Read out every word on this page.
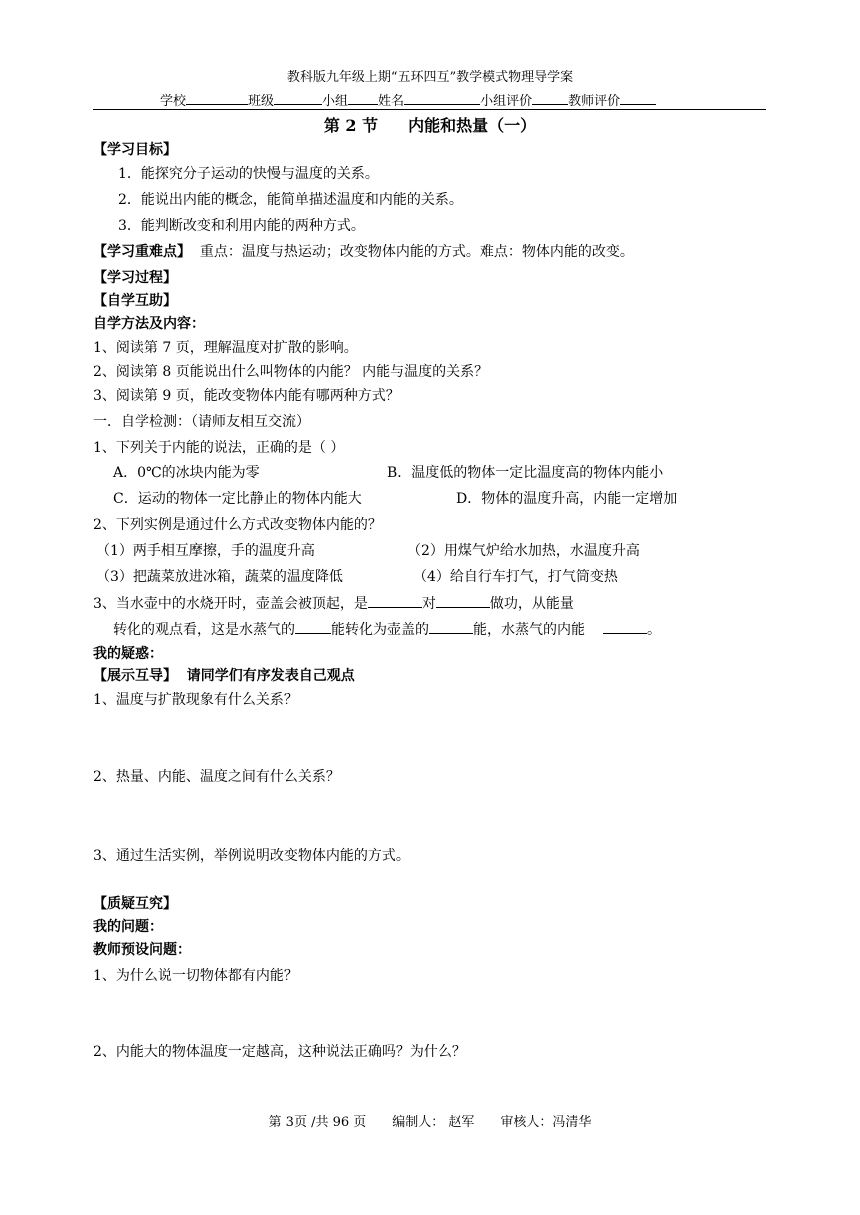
教科版九年级上期“五环四互”教学模式物理导学案
学校	班级	小组 姓名	小组评价	教师评价
第 2 节 内能和热量（一）
【学习目标】
1．能探究分子运动的快慢与温度的关系。
2．能说出内能的概念，能简单描述温度和内能的关系。
3．能判断改变和利用内能的两种方式。
【学习重难点】 重点：温度与热运动；改变物体内能的方式。难点：物体内能的改变。
【学习过程】
【自学互助】
自学方法及内容：
1、阅读第 7 页，理解温度对扩散的影响。
2、阅读第 8 页能说出什么叫物体的内能？ 内能与温度的关系？
3、阅读第 9 页，能改变物体内能有哪两种方式？
一．自学检测：（请师友相互交流）
1、下列关于内能的说法，正确的是（ ）
A．0℃的冰块内能为零	B．温度低的物体一定比温度高的物体内能小
C．运动的物体一定比静止的物体内能大	D．物体的温度升高，内能一定增加
2、下列实例是通过什么方式改变物体内能的？
（1）两手相互摩擦，手的温度升高	（2）用煤气炉给水加热，水温度升高
（3）把蔬菜放进冰箱，蔬菜的温度降低	（4）给自行车打气，打气筒变热
3、当水壶中的水烧开时，壶盖会被顶起，是	对	做功，从能量
转化的观点看，这是水蒸气的	能转化为壶盖的	能，水蒸气的内能	。
我的疑惑：
【展示互导】 请同学们有序发表自己观点
1、温度与扩散现象有什么关系？
2、热量、内能、温度之间有什么关系？
3、通过生活实例，举例说明改变物体内能的方式。
【质疑互究】
我的问题：
教师预设问题：
1、为什么说一切物体都有内能？
2、内能大的物体温度一定越高，这种说法正确吗？为什么？
第 3页 /共 96 页 编制人： 赵军 审核人：冯清华
